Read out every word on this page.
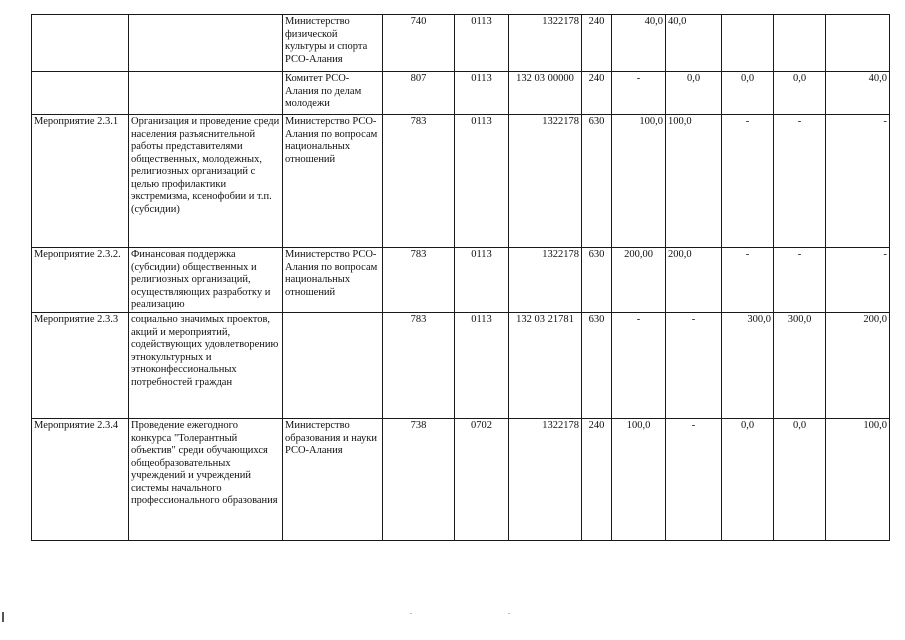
		Министерство физической культуры и спорта РСО-Алания	740	0113	1322178	240	40,0	40,0			
		Комитет РСО-Алания по делам молодежи	807	0113	132 03 00000	240	-	0,0	0,0	0,0	40,0
Мероприятие 2.3.1	Организация и проведение среди населения разъяснительной работы представителями общественных, молодежных, религиозных организаций с целью профилактики экстремизма, ксенофобии и т.п. (субсидии)	Министерство РСО-Алания по вопросам национальных отношений	783	0113	1322178	630	100,0	100,0	-	-	-
Мероприятие 2.3.2.	Финансовая поддержка (субсидии) общественных и религиозных организаций, осуществляющих разработку и реализацию	Министерство РСО-Алания по вопросам национальных отношений	783	0113	1322178	630	200,00	200,0	-	-	-
Мероприятие 2.3.3	социально значимых проектов, акций и мероприятий, содействующих удовлетворению этнокультурных и этноконфессиональных потребностей граждан		783	0113	132 03 21781	630	-	-	300,0	300,0	200,0
Мероприятие 2.3.4	Проведение ежегодного конкурса "Толерантный объектив" среди обучающихся общеобразовательных учреждений и учреждений системы начального профессионального образования	Министерство образования и науки РСО-Алания	738	0702	1322178	240	100,0	-	0,0	0,0	100,0
